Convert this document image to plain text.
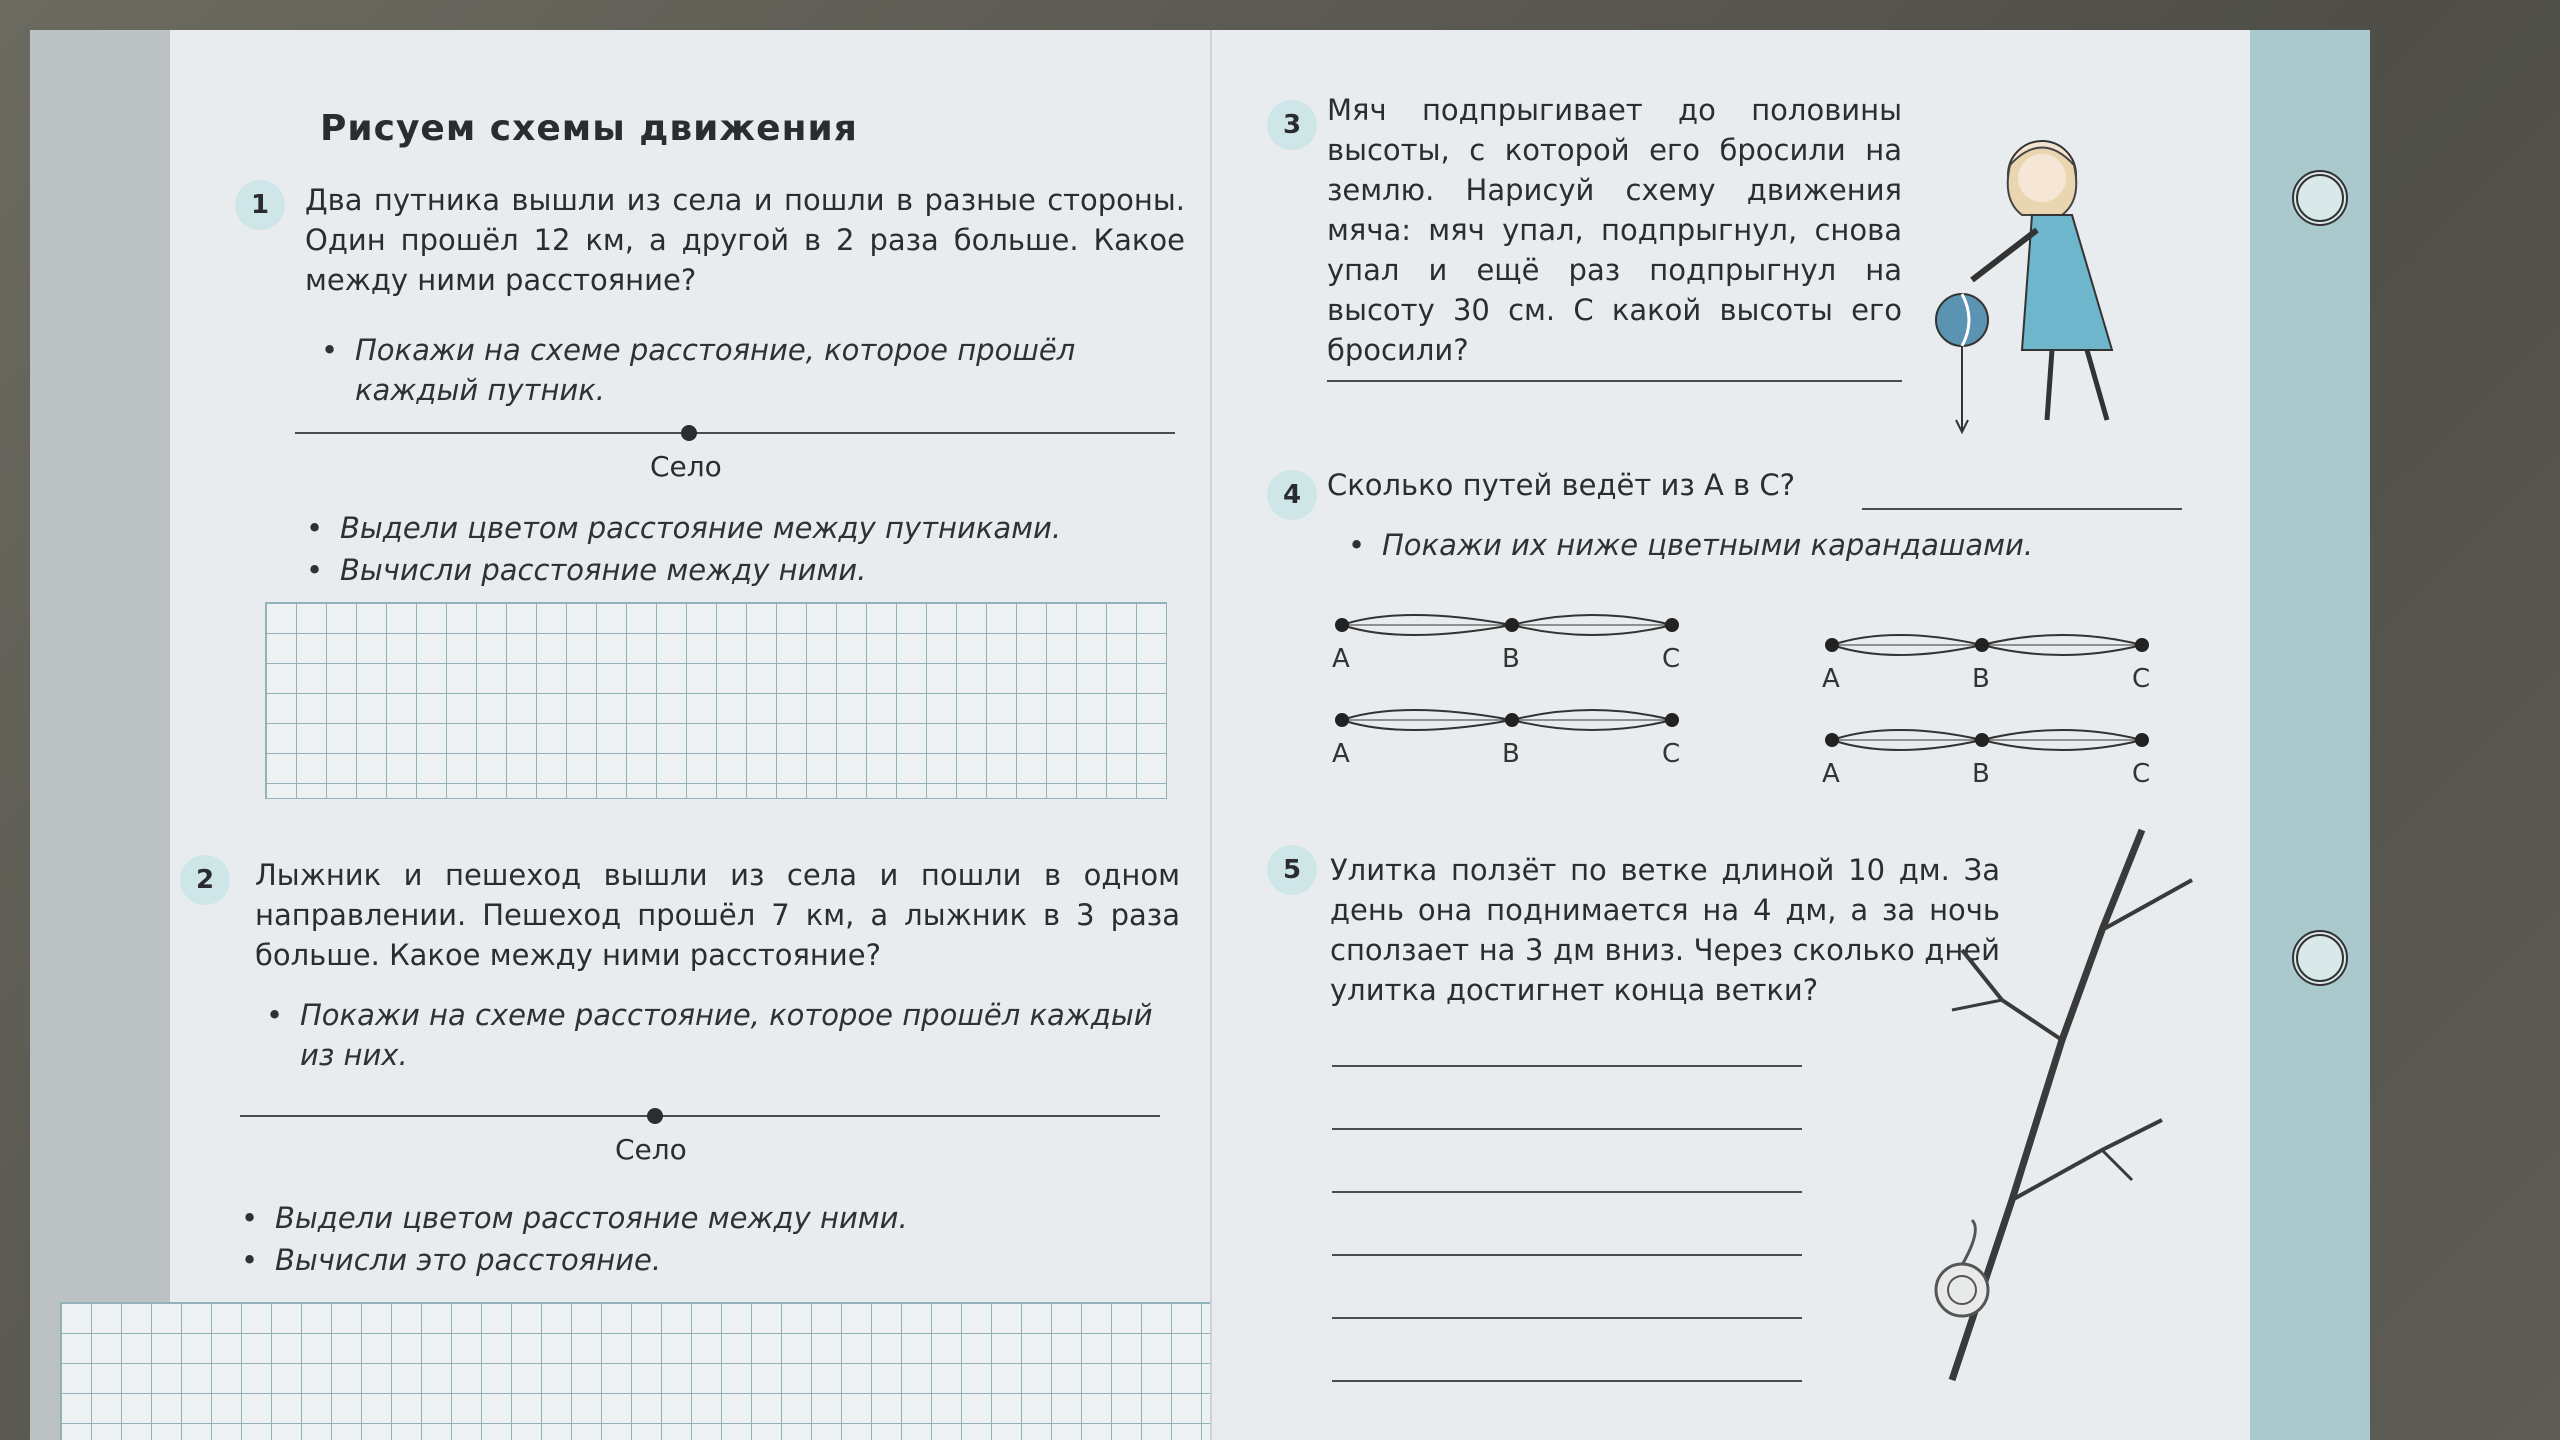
Рисуем схемы движения
1	Два путника вышли из села и пошли в разные стороны. Один прошёл 12 км, а другой в 2 раза больше. Какое между ними расстояние?
• Покажи на схеме расстояние, которое прошёл каждый путник.
Село
• Выдели цветом расстояние между путниками.
• Вычисли расстояние между ними.
2	Лыжник и пешеход вышли из села и пошли в одном направлении. Пешеход прошёл 7 км, а лыжник в 3 раза больше. Какое между ними расстояние?
• Покажи на схеме расстояние, которое прошёл каждый из них.
Село
• Выдели цветом расстояние между ними.
• Вычисли это расстояние.
3 Мяч подпрыгивает до половины высоты, с которой его бросили на землю. Нарисуй схему движения мяча: мяч упал, подпрыгнул, снова упал и ещё раз подпрыгнул на высоту 30 см. С какой высоты его бросили?
4 Сколько путей ведёт из A в C?
• Покажи их ниже цветными карандашами.
A	B	C
A	B	C
A	B	C
A	B	C
5 Улитка ползёт по ветке длиной 10 дм. За день она поднимается на 4 дм, а за ночь сползает на 3 дм вниз. Через сколько дней улитка достигнет конца ветки?
